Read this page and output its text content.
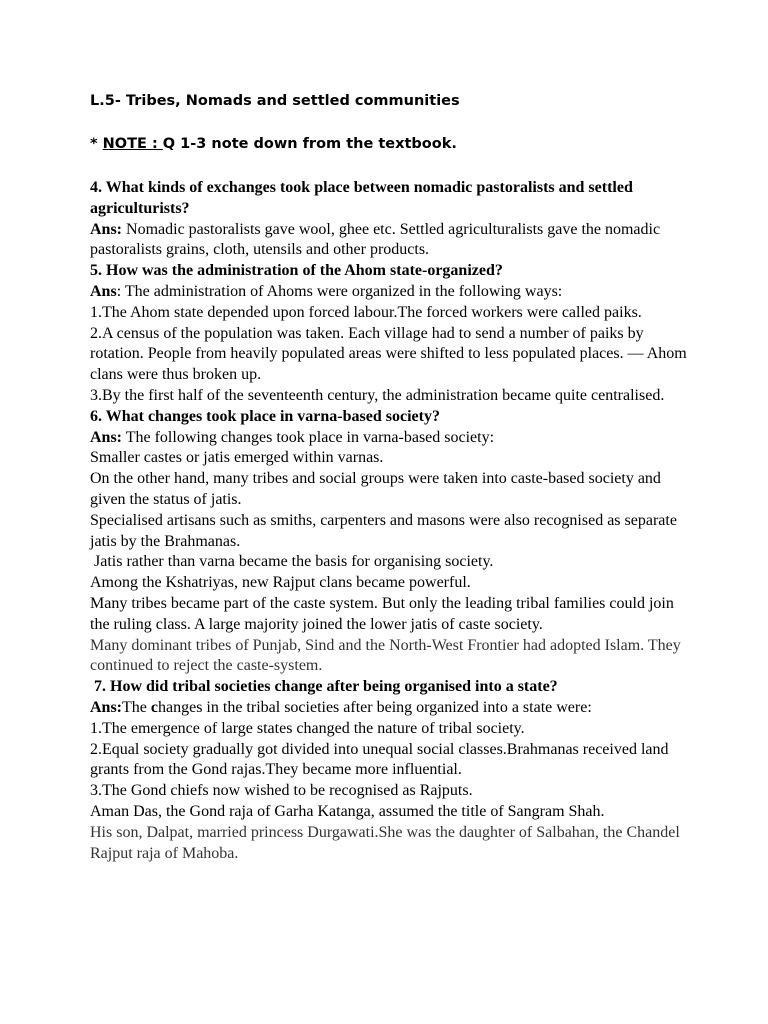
L.5- Tribes, Nomads and settled communities

* NOTE : Q 1-3 note down from the textbook.

4. What kinds of exchanges took place between nomadic pastoralists and settled agriculturists?

Ans: Nomadic pastoralists gave wool, ghee etc. Settled agriculturalists gave the nomadic pastoralists grains, cloth, utensils and other products.

5. How was the administration of the Ahom state-organized?

Ans: The administration of Ahoms were organized in the following ways:

1.The Ahom state depended upon forced labour.The forced workers were called paiks.

2.A census of the population was taken. Each village had to send a number of paiks by rotation. People from heavily populated areas were shifted to less populated places. — Ahom clans were thus broken up.

3.By the first half of the seventeenth century, the administration became quite centralised.

6. What changes took place in varna-based society?

Ans: The following changes took place in varna-based society:

Smaller castes or jatis emerged within varnas.

On the other hand, many tribes and social groups were taken into caste-based society and given the status of jatis.

Specialised artisans such as smiths, carpenters and masons were also recognised as separate jatis by the Brahmanas.

Jatis rather than varna became the basis for organising society.

Among the Kshatriyas, new Rajput clans became powerful.

Many tribes became part of the caste system. But only the leading tribal families could join the ruling class. A large majority joined the lower jatis of caste society.

Many dominant tribes of Punjab, Sind and the North-West Frontier had adopted Islam. They continued to reject the caste-system.

7. How did tribal societies change after being organised into a state?

Ans:The changes in the tribal societies after being organized into a state were:

1.The emergence of large states changed the nature of tribal society.

2.Equal society gradually got divided into unequal social classes.Brahmanas received land grants from the Gond rajas.They became more influential.

3.The Gond chiefs now wished to be recognised as Rajputs.

Aman Das, the Gond raja of Garha Katanga, assumed the title of Sangram Shah.

His son, Dalpat, married princess Durgawati.She was the daughter of Salbahan, the Chandel Rajput raja of Mahoba.
